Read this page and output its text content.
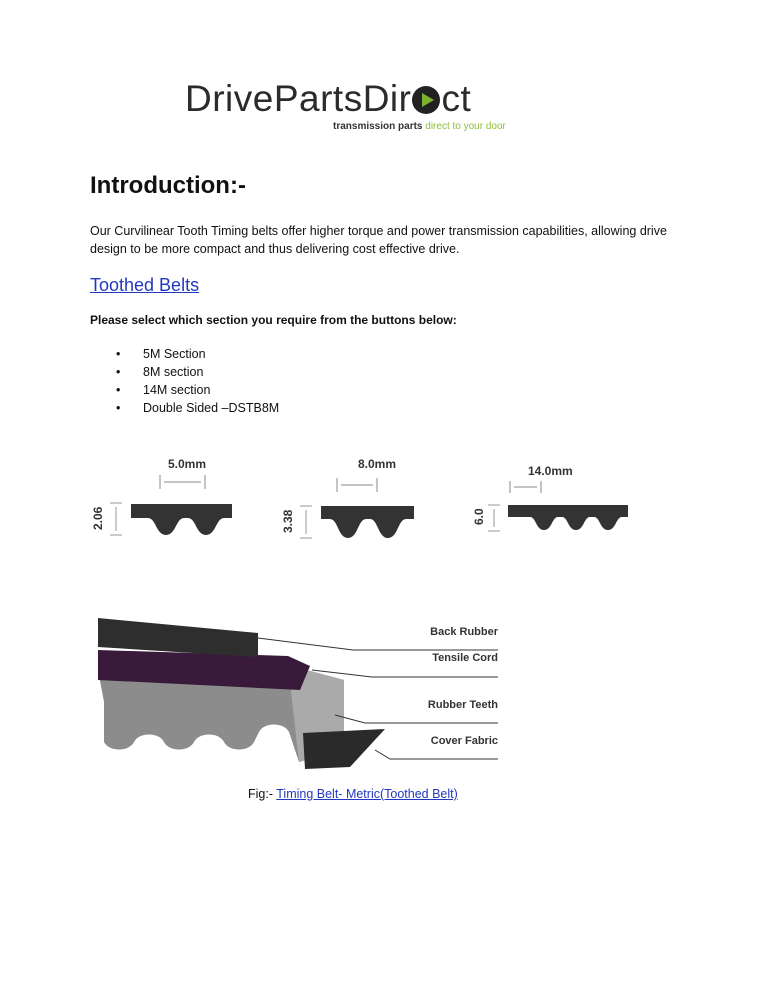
DrivePartsDir ct
transmission parts direct to your door
Introduction:-
Our Curvilinear Tooth Timing belts offer higher torque and power transmission capabilities, allowing drive design to be more compact and thus delivering cost effective drive.
Toothed Belts
Please select which section you require from the buttons below:
• 5M Section
• 8M section
• 14M section
• Double Sided –DSTB8M
5.0mm
2.06
8.0mm
3.38
14.0mm
6.0
Back Rubber
Tensile Cord
Rubber Teeth
Cover Fabric
Fig:- Timing Belt- Metric(Toothed Belt)
